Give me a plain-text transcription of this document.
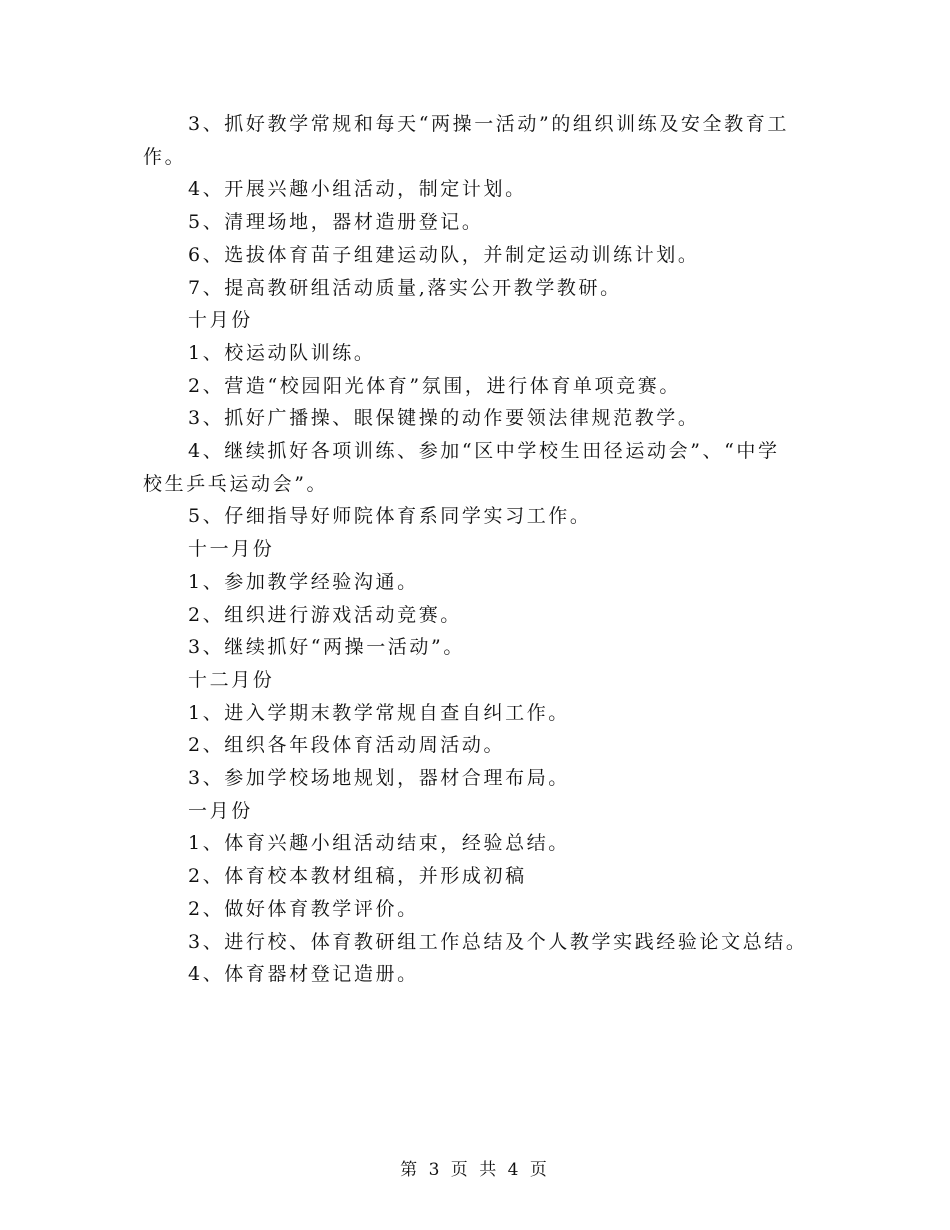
3、抓好教学常规和每天“两操一活动”的组织训练及安全教育工
作。
4、开展兴趣小组活动，制定计划。
5、清理场地，器材造册登记。
6、选拔体育苗子组建运动队，并制定运动训练计划。
7、提高教研组活动质量,落实公开教学教研。
十月份
1、校运动队训练。
2、营造“校园阳光体育”氛围，进行体育单项竞赛。
3、抓好广播操、眼保键操的动作要领法律规范教学。
4、继续抓好各项训练、参加“区中学校生田径运动会”、“中学
校生乒乓运动会”。
5、仔细指导好师院体育系同学实习工作。
十一月份
1、参加教学经验沟通。
2、组织进行游戏活动竞赛。
3、继续抓好“两操一活动”。
十二月份
1、进入学期末教学常规自查自纠工作。
2、组织各年段体育活动周活动。
3、参加学校场地规划，器材合理布局。
一月份
1、体育兴趣小组活动结束，经验总结。
2、体育校本教材组稿，并形成初稿
2、做好体育教学评价。
3、进行校、体育教研组工作总结及个人教学实践经验论文总结。
4、体育器材登记造册。
第 3 页 共 4 页
